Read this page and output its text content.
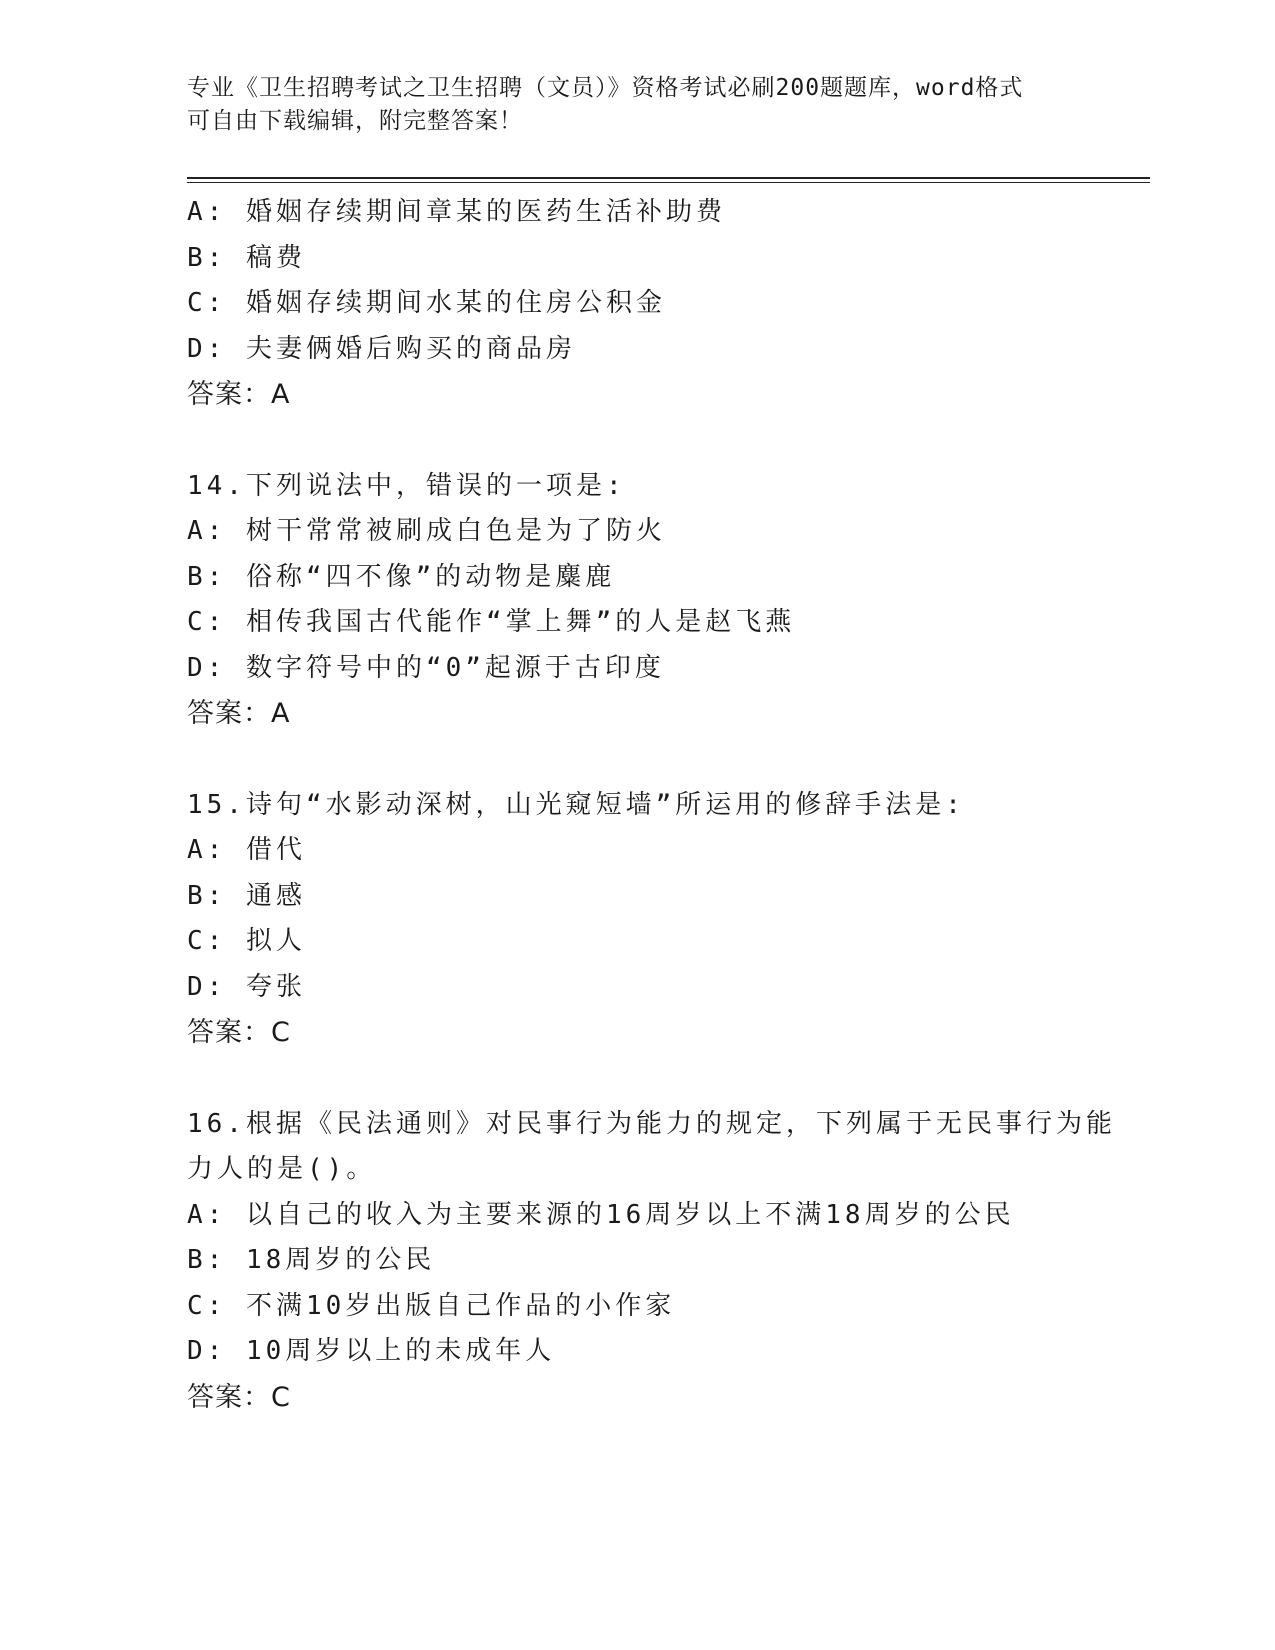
专业《卫生招聘考试之卫生招聘（文员）》资格考试必刷200题题库，word格式
可自由下载编辑，附完整答案！
A: 婚姻存续期间章某的医药生活补助费
B: 稿费
C: 婚姻存续期间水某的住房公积金
D: 夫妻俩婚后购买的商品房
答案：A
14.下列说法中，错误的一项是:
A: 树干常常被刷成白色是为了防火
B: 俗称“四不像”的动物是麋鹿
C: 相传我国古代能作“掌上舞”的人是赵飞燕
D: 数字符号中的“0”起源于古印度
答案：A
15.诗句“水影动深树，山光窥短墙”所运用的修辞手法是:
A: 借代
B: 通感
C: 拟人
D: 夸张
答案：C
16.根据《民法通则》对民事行为能力的规定，下列属于无民事行为能
力人的是()。
A: 以自己的收入为主要来源的16周岁以上不满18周岁的公民
B: 18周岁的公民
C: 不满10岁出版自己作品的小作家
D: 10周岁以上的未成年人
答案：C
